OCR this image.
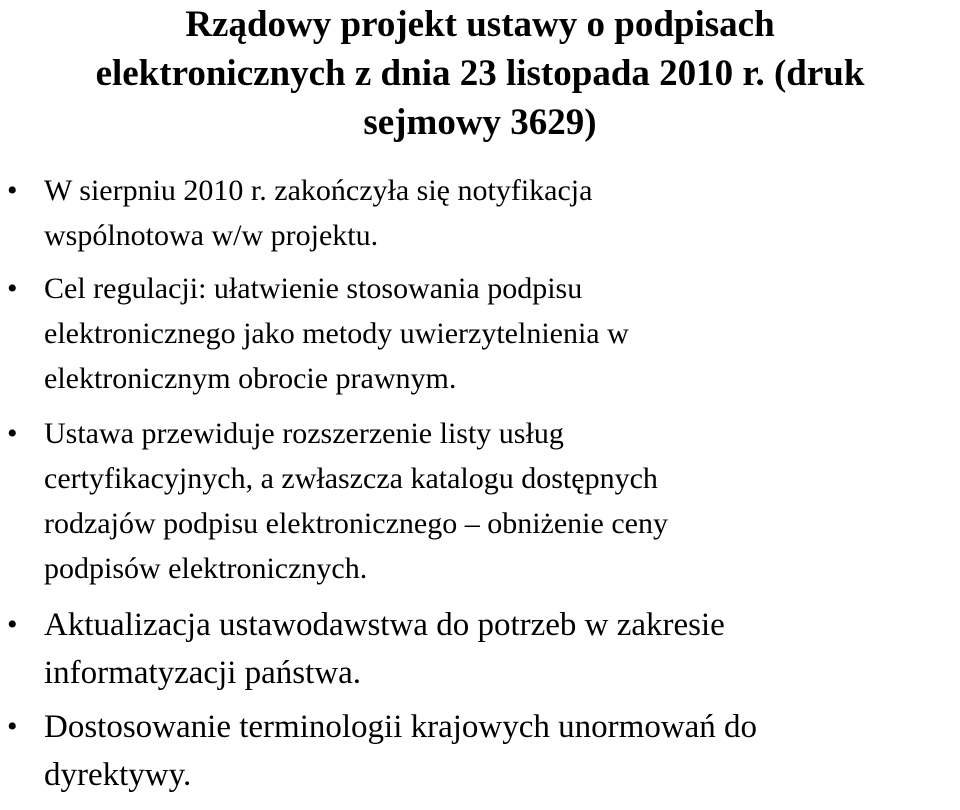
Rządowy projekt ustawy o podpisach
elektronicznych z dnia 23 listopada 2010 r. (druk
sejmowy 3629)
• W sierpniu 2010 r. zakończyła się notyfikacja
wspólnotowa w/w projektu.
• Cel regulacji: ułatwienie stosowania podpisu
elektronicznego jako metody uwierzytelnienia w
elektronicznym obrocie prawnym.
• Ustawa przewiduje rozszerzenie listy usług
certyfikacyjnych, a zwłaszcza katalogu dostępnych
rodzajów podpisu elektronicznego – obniżenie ceny
podpisów elektronicznych.
• Aktualizacja ustawodawstwa do potrzeb w zakresie
informatyzacji państwa.
• Dostosowanie terminologii krajowych unormowań do
dyrektywy.
